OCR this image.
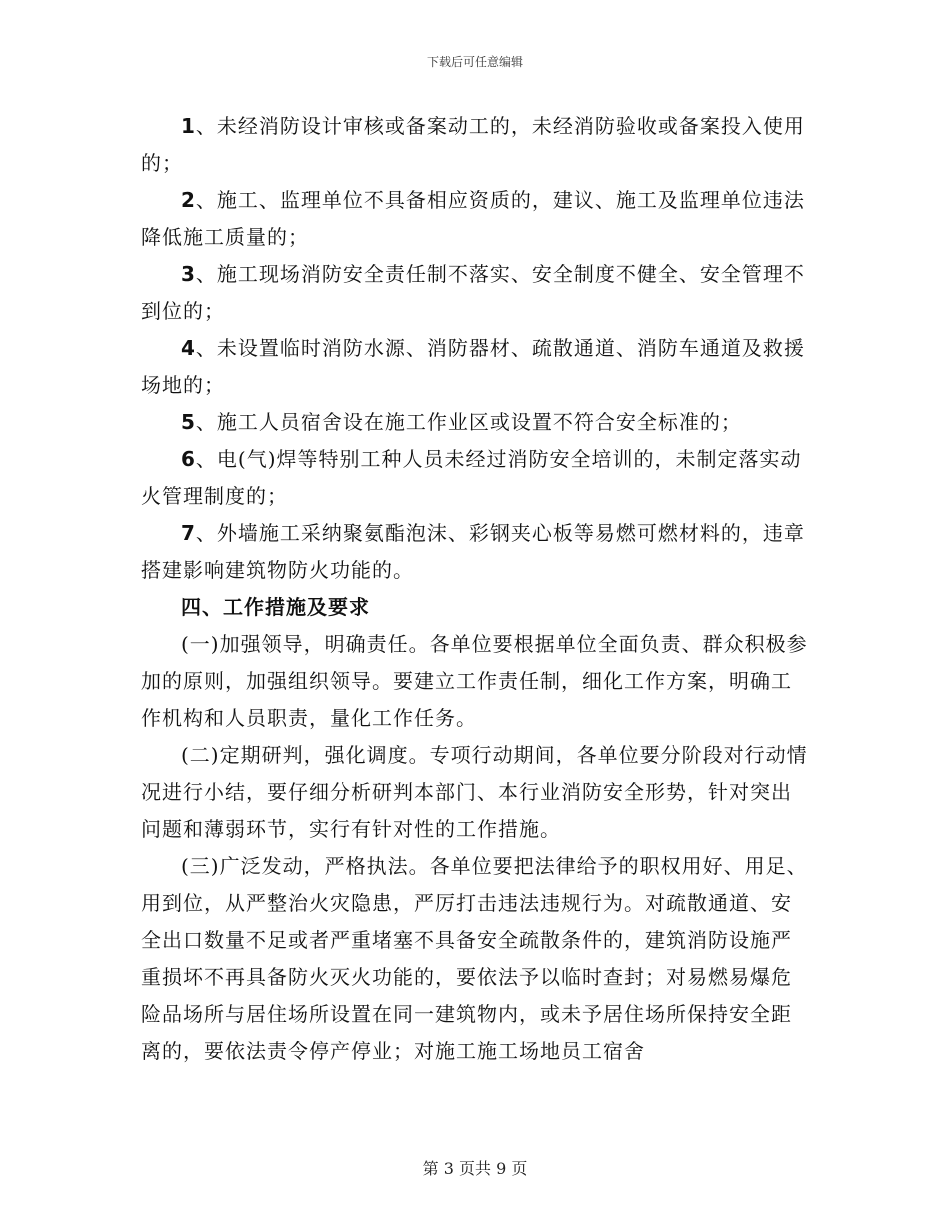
下载后可任意编辑

1、未经消防设计审核或备案动工的，未经消防验收或备案投入使用的；

2、施工、监理单位不具备相应资质的，建议、施工及监理单位违法降低施工质量的；

3、施工现场消防安全责任制不落实、安全制度不健全、安全管理不到位的；

4、未设置临时消防水源、消防器材、疏散通道、消防车通道及救援场地的；

5、施工人员宿舍设在施工作业区或设置不符合安全标准的；

6、电(气)焊等特别工种人员未经过消防安全培训的，未制定落实动火管理制度的；

7、外墙施工采纳聚氨酯泡沫、彩钢夹心板等易燃可燃材料的，违章搭建影响建筑物防火功能的。

四、工作措施及要求

(一)加强领导，明确责任。各单位要根据单位全面负责、群众积极参加的原则，加强组织领导。要建立工作责任制，细化工作方案，明确工作机构和人员职责，量化工作任务。

(二)定期研判，强化调度。专项行动期间，各单位要分阶段对行动情况进行小结，要仔细分析研判本部门、本行业消防安全形势，针对突出问题和薄弱环节，实行有针对性的工作措施。

(三)广泛发动，严格执法。各单位要把法律给予的职权用好、用足、用到位，从严整治火灾隐患，严厉打击违法违规行为。对疏散通道、安全出口数量不足或者严重堵塞不具备安全疏散条件的，建筑消防设施严重损坏不再具备防火灭火功能的，要依法予以临时查封；对易燃易爆危险品场所与居住场所设置在同一建筑物内，或未予居住场所保持安全距离的，要依法责令停产停业；对施工施工场地员工宿舍

第 3 页共 9 页
